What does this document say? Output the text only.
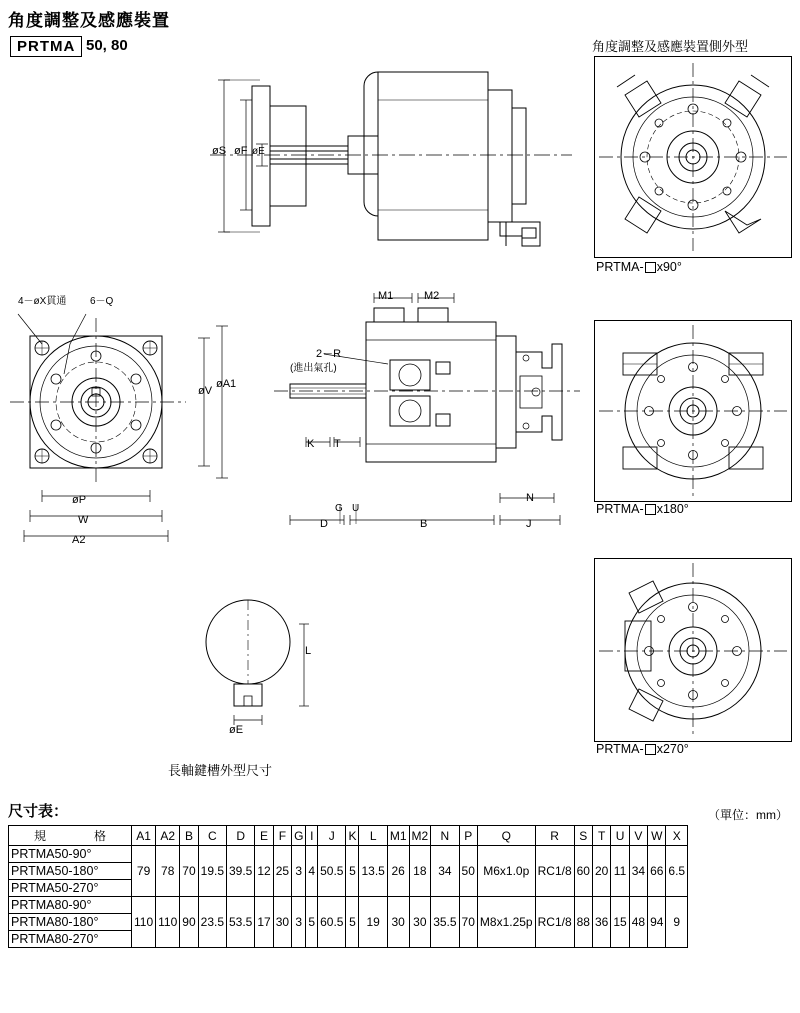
角度調整及感應裝置
PRTMA 50, 80	角度調整及感應裝置側外型
øS øF øE
PRTMA- x90°
PRTMA- x180°
PRTMA- x270°
4－øX貫通 6－Q
øV
øA1
øP
W
A2
M1	M2
2－R
(進出氣孔)
K T
G U
D	B	J
N
L
øE
長軸鍵槽外型尺寸
尺寸表：	（單位：mm）
規　　　　格	A1	A2	B	C	D	E	F	G	I	J	K	L	M1	M2	N	P	Q	R	S	T	U	V	W	X
PRTMA50-90°	79	78	70	19.5	39.5	12	25	3	4	50.5	5	13.5	26	18	34	50	M6x1.0p	RC1/8	60	20	11	34	66	6.5
PRTMA50-180°																								
PRTMA50-270°																								
PRTMA80-90°	110	110	90	23.5	53.5	17	30	3	5	60.5	5	19	30	30	35.5	70	M8x1.25p	RC1/8	88	36	15	48	94	9
PRTMA80-180°																								
PRTMA80-270°																								
